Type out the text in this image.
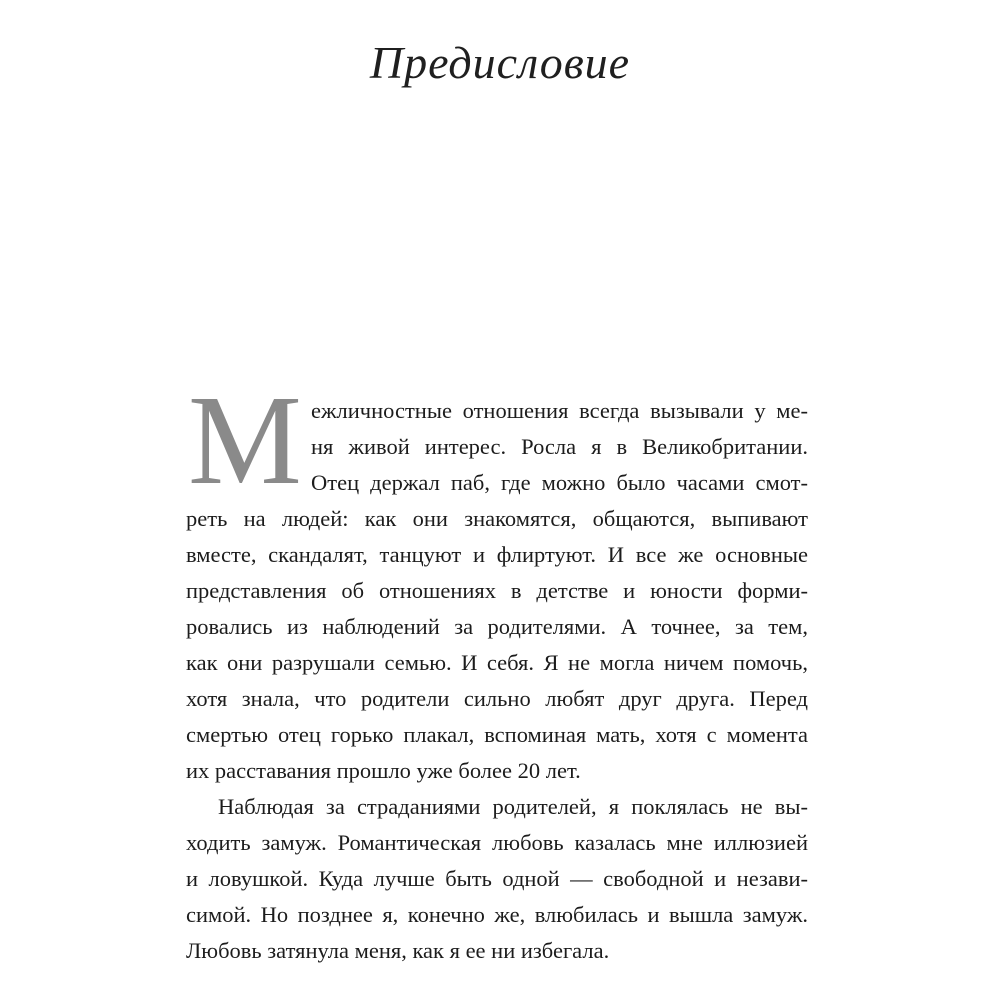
Предисловие
М ежличностные отношения всегда вызывали у ме-
ня живой интерес. Росла я в Великобритании.
Отец держал паб, где можно было часами смот-
реть на людей: как они знакомятся, общаются, выпивают
вместе, скандалят, танцуют и флиртуют. И все же основные
представления об отношениях в детстве и юности форми-
ровались из наблюдений за родителями. А точнее, за тем,
как они разрушали семью. И себя. Я не могла ничем помочь,
хотя знала, что родители сильно любят друг друга. Перед
смертью отец горько плакал, вспоминая мать, хотя с момента
их расставания прошло уже более 20 лет.
Наблюдая за страданиями родителей, я поклялась не вы-
ходить замуж. Романтическая любовь казалась мне иллюзией
и ловушкой. Куда лучше быть одной — свободной и незави-
симой. Но позднее я, конечно же, влюбилась и вышла замуж.
Любовь затянула меня, как я ее ни избегала.
